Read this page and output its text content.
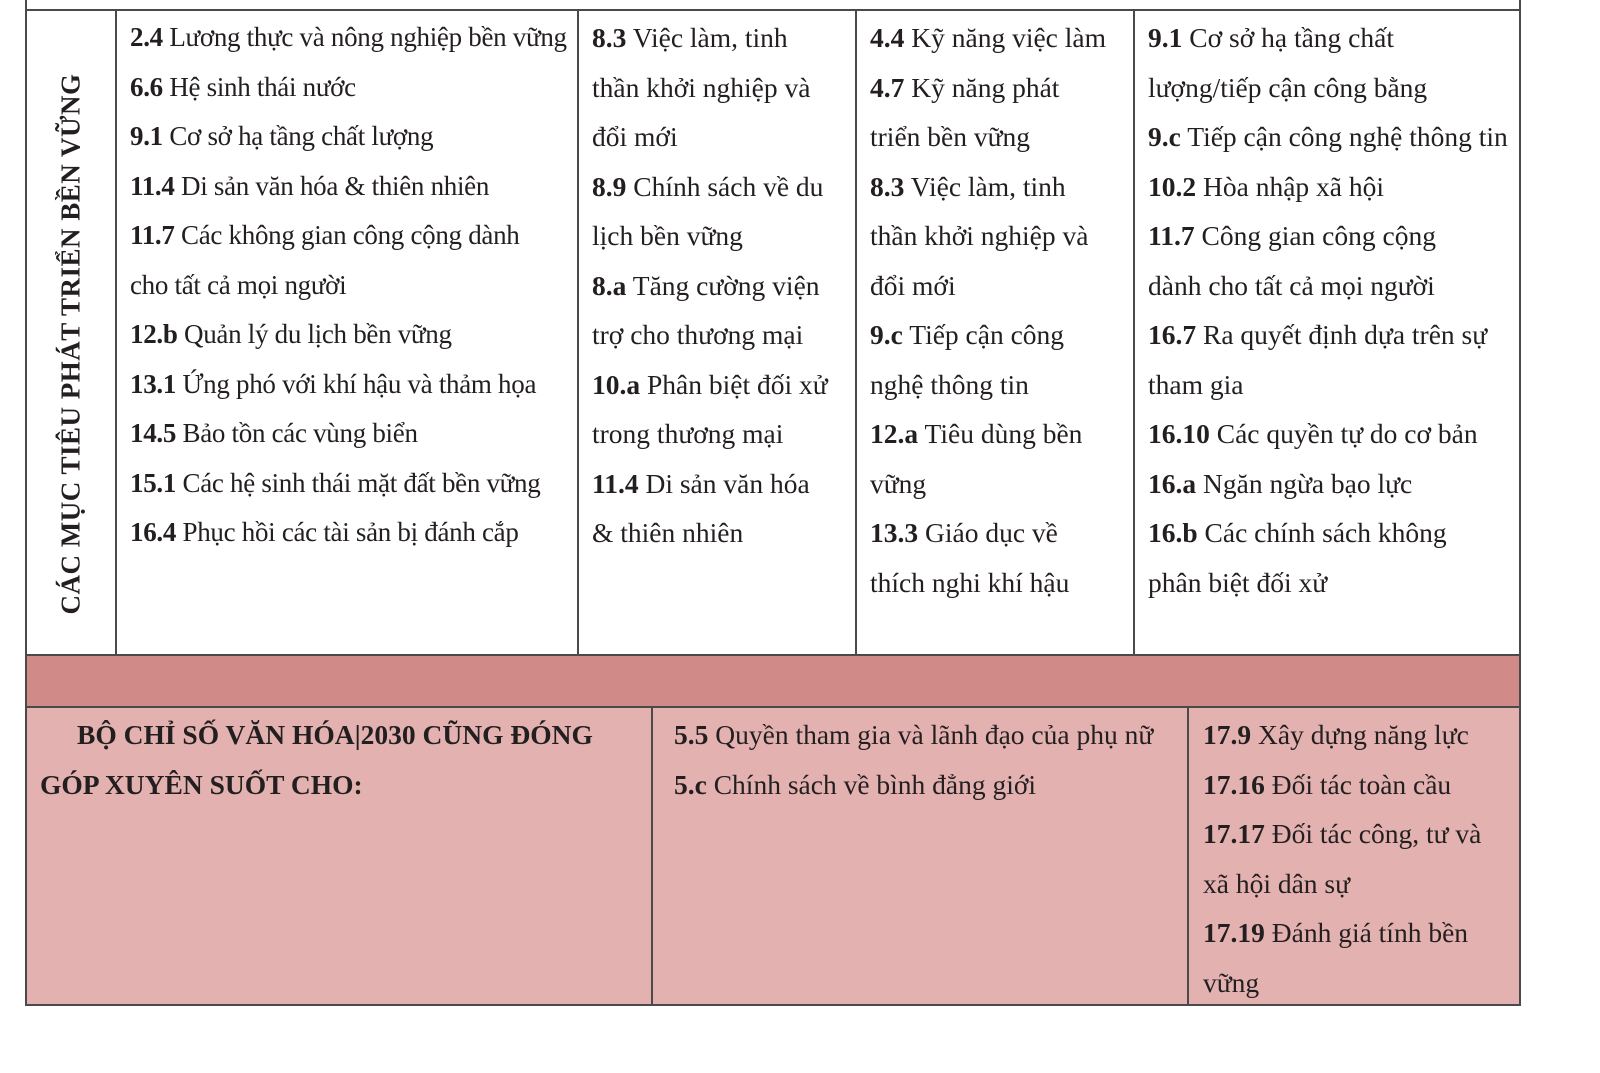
CÁC MỤC TIÊU PHÁT TRIỂN BỀN VỮNG
2.4 Lương thực và nông nghiệp bền vững
6.6 Hệ sinh thái nước
9.1 Cơ sở hạ tầng chất lượng
11.4 Di sản văn hóa & thiên nhiên
11.7 Các không gian công cộng dành
cho tất cả mọi người
12.b Quản lý du lịch bền vững
13.1 Ứng phó với khí hậu và thảm họa
14.5 Bảo tồn các vùng biển
15.1 Các hệ sinh thái mặt đất bền vững
16.4 Phục hồi các tài sản bị đánh cắp
8.3 Việc làm, tinh
thần khởi nghiệp và
đổi mới
8.9 Chính sách về du
lịch bền vững
8.a Tăng cường viện
trợ cho thương mại
10.a Phân biệt đối xử
trong thương mại
11.4 Di sản văn hóa
& thiên nhiên
4.4 Kỹ năng việc làm
4.7 Kỹ năng phát
triển bền vững
8.3 Việc làm, tinh
thần khởi nghiệp và
đổi mới
9.c Tiếp cận công
nghệ thông tin
12.a Tiêu dùng bền
vững
13.3 Giáo dục về
thích nghi khí hậu
9.1 Cơ sở hạ tầng chất
lượng/tiếp cận công bằng
9.c Tiếp cận công nghệ thông tin
10.2 Hòa nhập xã hội
11.7 Công gian công cộng
dành cho tất cả mọi người
16.7 Ra quyết định dựa trên sự
tham gia
16.10 Các quyền tự do cơ bản
16.a Ngăn ngừa bạo lực
16.b Các chính sách không
phân biệt đối xử

BỘ CHỈ SỐ VĂN HÓA|2030 CŨNG ĐÓNG GÓP XUYÊN SUỐT CHO:

5.5 Quyền tham gia và lãnh đạo của phụ nữ
5.c Chính sách về bình đẳng giới
17.9 Xây dựng năng lực
17.16 Đối tác toàn cầu
17.17 Đối tác công, tư và
xã hội dân sự
17.19 Đánh giá tính bền
vững
